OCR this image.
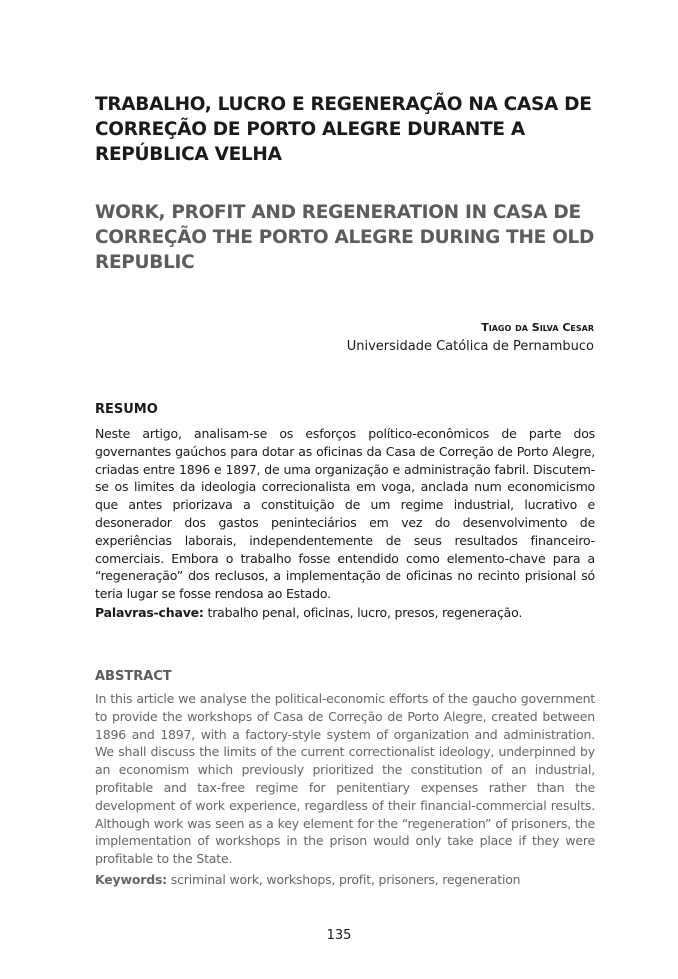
TRABALHO, LUCRO E REGENERAÇÃO NA CASA DE CORREÇÃO DE PORTO ALEGRE DURANTE A REPÚBLICA VELHA
WORK, PROFIT AND REGENERATION IN CASA DE CORREÇÃO THE PORTO ALEGRE DURING THE OLD REPUBLIC
Tiago da Silva Cesar
Universidade Católica de Pernambuco
RESUMO

Neste artigo, analisam-se os esforços político-econômicos de parte dos governantes gaúchos para dotar as oficinas da Casa de Correção de Porto Alegre, criadas entre 1896 e 1897, de uma organização e administração fabril. Discutem-se os limites da ideologia correcionalista em voga, anclada num economicismo que antes priorizava a constituição de um regime industrial, lucrativo e desonerador dos gastos peninteciários em vez do desenvolvimento de experiências laborais, independentemente de seus resultados financeiro-comerciais. Embora o trabalho fosse entendido como elemento-chave para a “regeneração” dos reclusos, a implementação de oficinas no recinto prisional só teria lugar se fosse rendosa ao Estado.

Palavras-chave: trabalho penal, oficinas, lucro, presos, regeneração.

ABSTRACT

In this article we analyse the political-economic efforts of the gaucho government to provide the workshops of Casa de Correção de Porto Alegre, created between 1896 and 1897, with a factory-style system of organization and administration. We shall discuss the limits of the current correctionalist ideology, underpinned by an economism which previously prioritized the constitution of an industrial, profitable and tax-free regime for penitentiary expenses rather than the development of work experience, regardless of their financial-commercial results. Although work was seen as a key element for the “regeneration” of prisoners, the implementation of workshops in the prison would only take place if they were profitable to the State.

Keywords: scriminal work, workshops, profit, prisoners, regeneration

135
